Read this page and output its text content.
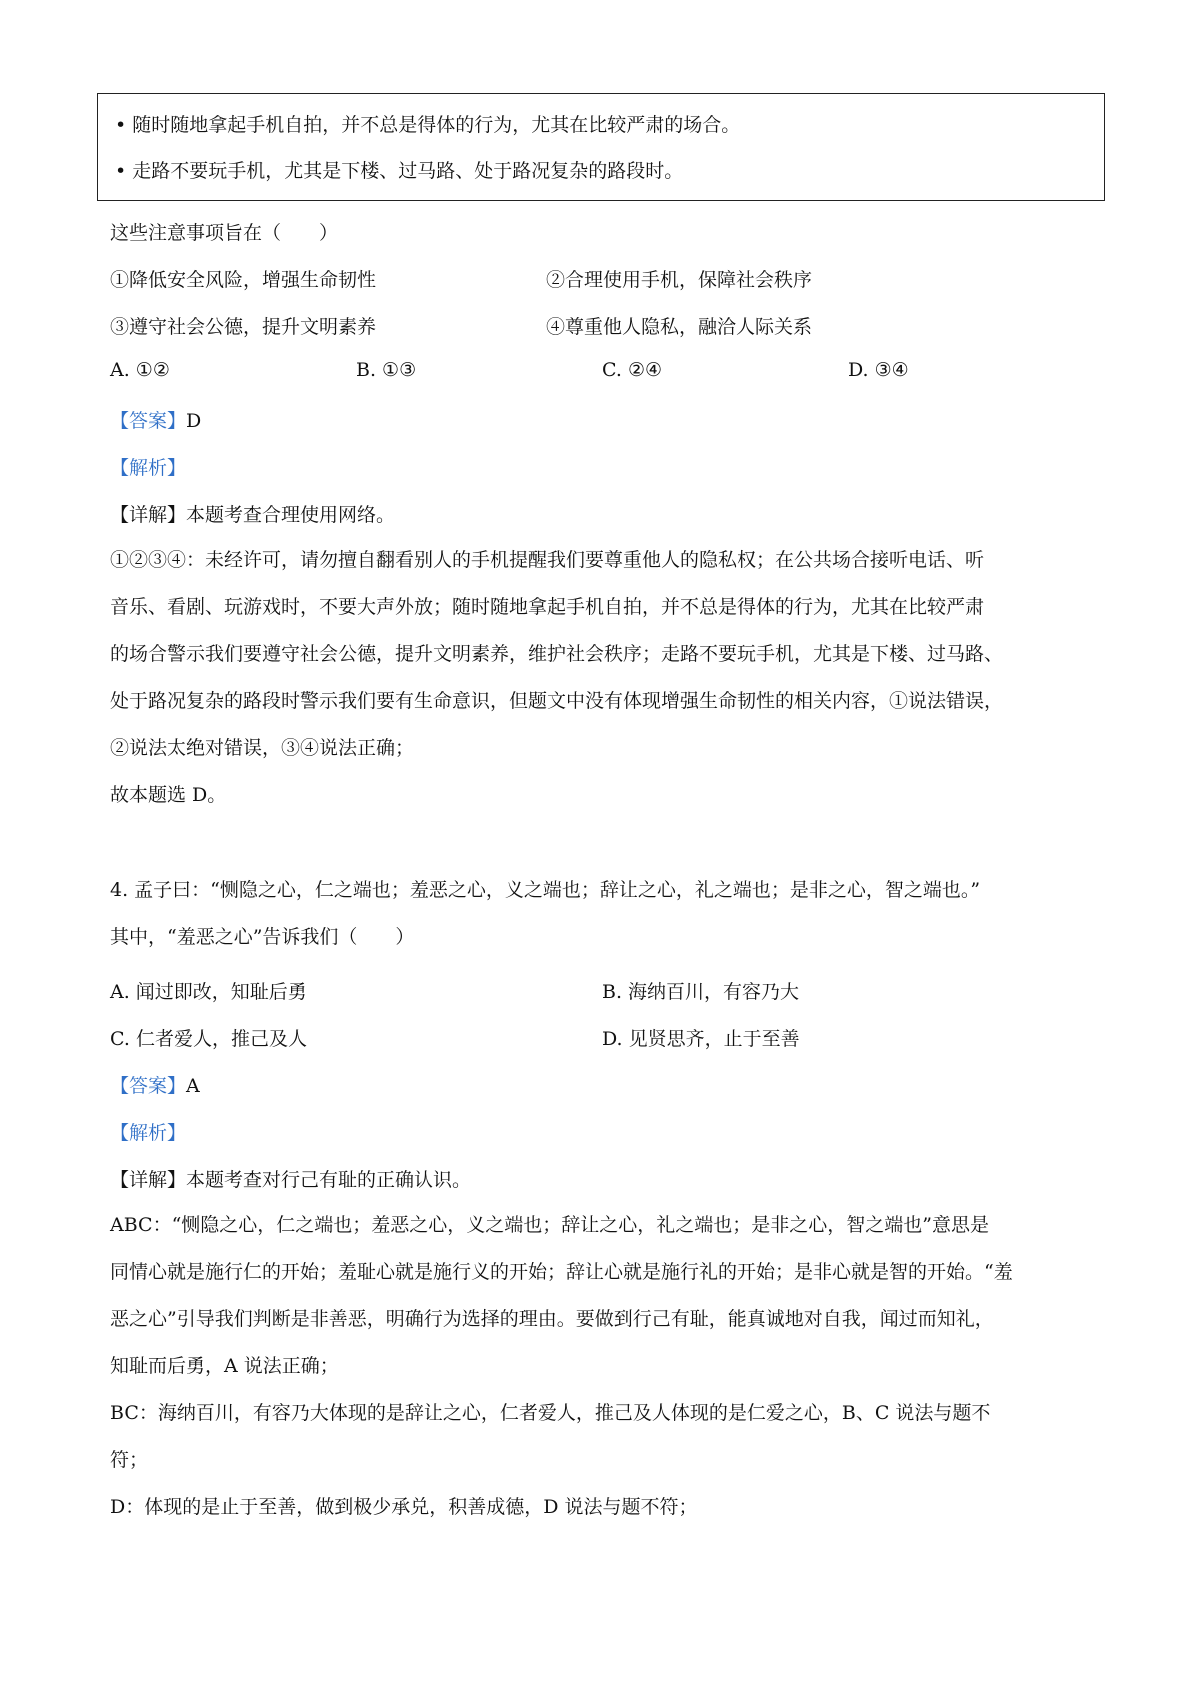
• 随时随地拿起手机自拍，并不总是得体的行为，尤其在比较严肃的场合。
• 走路不要玩手机，尤其是下楼、过马路、处于路况复杂的路段时。
这些注意事项旨在（　　）
①降低安全风险，增强生命韧性	②合理使用手机，保障社会秩序
③遵守社会公德，提升文明素养	④尊重他人隐私，融洽人际关系
A. ①②	B. ①③	C. ②④	D. ③④
【答案】D
【解析】
【详解】本题考查合理使用网络。
①②③④：未经许可，请勿擅自翻看别人的手机提醒我们要尊重他人的隐私权；在公共场合接听电话、听
音乐、看剧、玩游戏时，不要大声外放；随时随地拿起手机自拍，并不总是得体的行为，尤其在比较严肃
的场合警示我们要遵守社会公德，提升文明素养，维护社会秩序；走路不要玩手机，尤其是下楼、过马路、
处于路况复杂的路段时警示我们要有生命意识，但题文中没有体现增强生命韧性的相关内容，①说法错误，
②说法太绝对错误，③④说法正确；
故本题选 D。
4. 孟子曰：“恻隐之心，仁之端也；羞恶之心，义之端也；辞让之心，礼之端也；是非之心，智之端也。”
其中，“羞恶之心”告诉我们（　　）
A. 闻过即改，知耻后勇	B. 海纳百川，有容乃大
C. 仁者爱人，推己及人	D. 见贤思齐，止于至善
【答案】A
【解析】
【详解】本题考查对行己有耻的正确认识。
ABC：“恻隐之心，仁之端也；羞恶之心，义之端也；辞让之心，礼之端也；是非之心，智之端也”意思是
同情心就是施行仁的开始；羞耻心就是施行义的开始；辞让心就是施行礼的开始；是非心就是智的开始。“羞
恶之心”引导我们判断是非善恶，明确行为选择的理由。要做到行己有耻，能真诚地对自我，闻过而知礼，
知耻而后勇，A 说法正确；
BC：海纳百川，有容乃大体现的是辞让之心，仁者爱人，推己及人体现的是仁爱之心，B、C 说法与题不
符；
D：体现的是止于至善，做到极少承兑，积善成德，D 说法与题不符；
